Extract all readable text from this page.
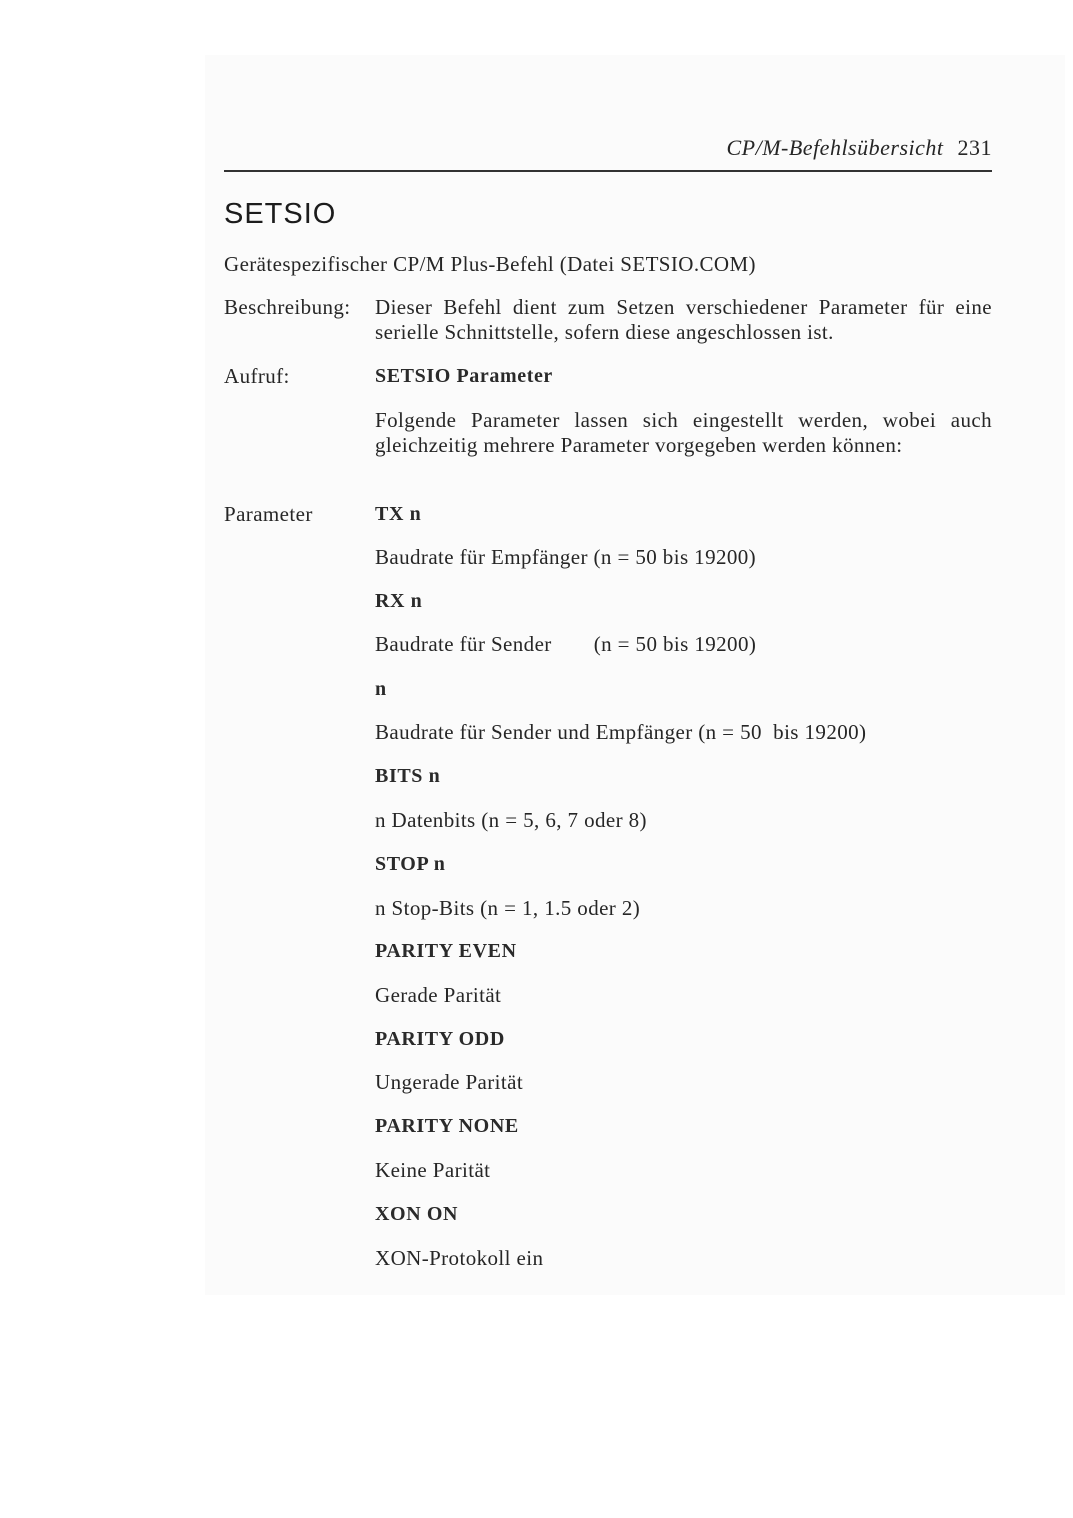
CP/M-Befehlsübersicht 231
SETSIO
Gerätespezifischer CP/M Plus-Befehl (Datei SETSIO.COM)
Beschreibung: Dieser Befehl dient zum Setzen verschiedener Parameter für eine serielle Schnittstelle, sofern diese angeschlossen ist.
Aufruf:	SETSIO Parameter
Folgende Parameter lassen sich eingestellt werden, wobei auch gleichzeitig mehrere Parameter vorgegeben werden können:
Parameter	TX n
Baudrate für Empfänger (n = 50 bis 19200)
RX n
Baudrate für Sender (n = 50 bis 19200)
n
Baudrate für Sender und Empfänger (n = 50  bis 19200)
BITS n
n Datenbits (n = 5, 6, 7 oder 8)
STOP n
n Stop-Bits (n = 1, 1.5 oder 2)
PARITY EVEN
Gerade Parität
PARITY ODD
Ungerade Parität
PARITY NONE
Keine Parität
XON ON
XON-Protokoll ein
